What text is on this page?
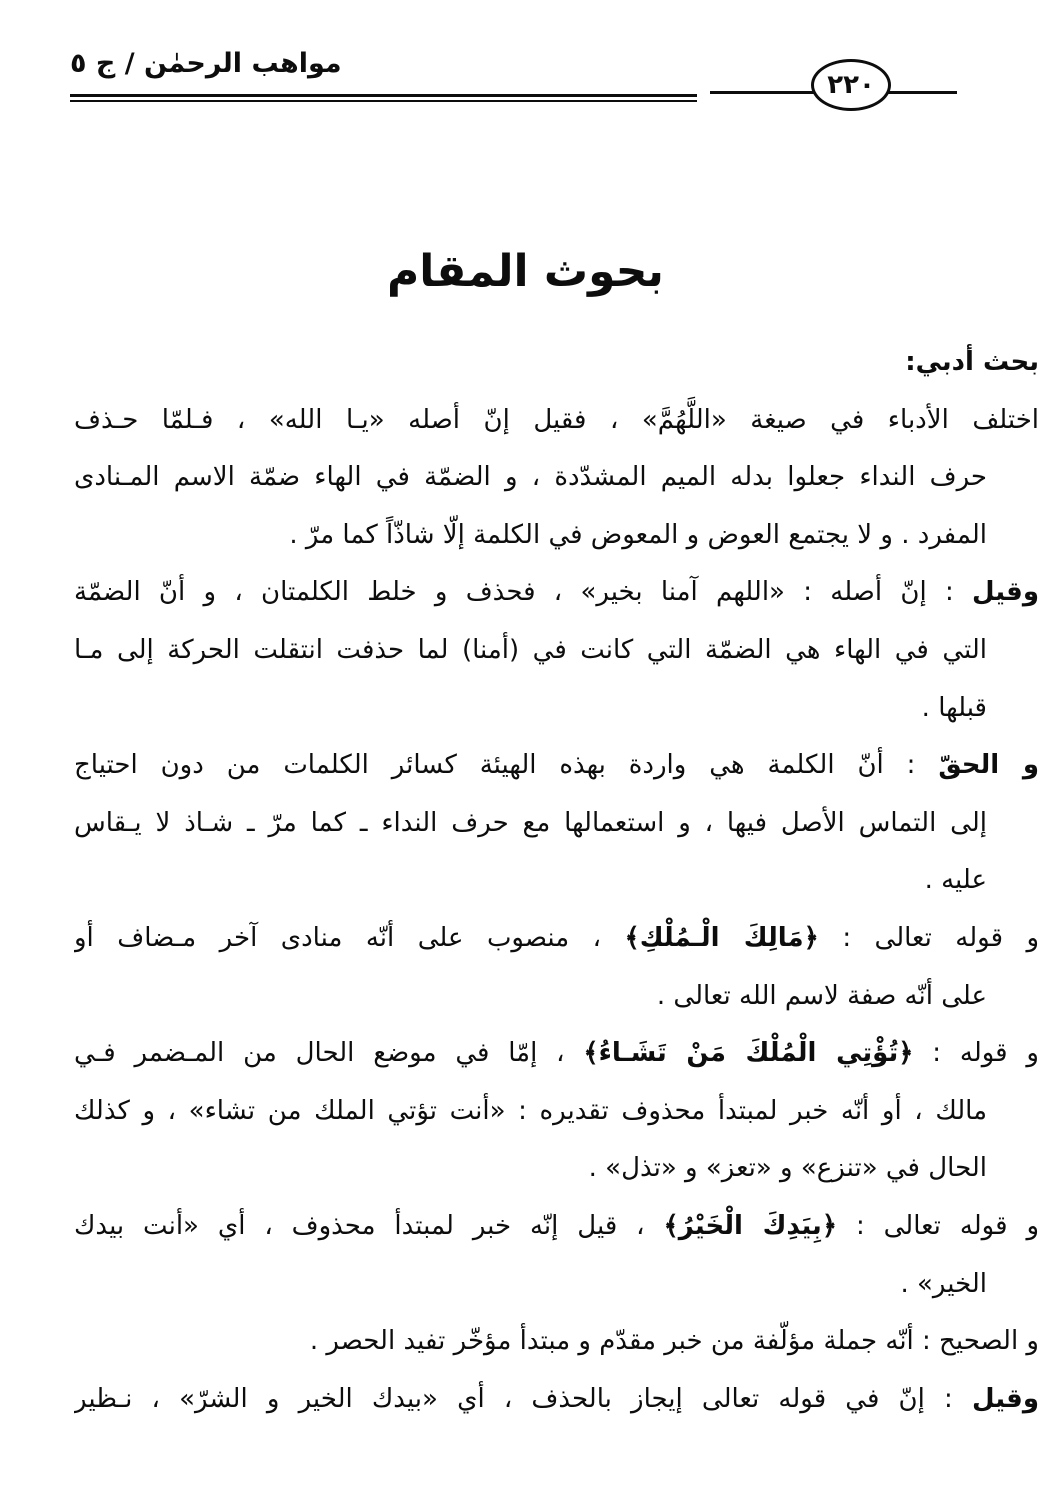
مواهب الرحمٰن / ج ٥
٢٢٠
بحوث المقام
بحث أدبي:
اختلف الأدباء في صيغة «اللَّهُمَّ» ، فقيل إنّ أصله «يـا الله» ، فـلمّا حـذف
حرف النداء جعلوا بدله الميم المشدّدة ، و الضمّة في الهاء ضمّة الاسم المـنادى
المفرد . و لا يجتمع العوض و المعوض في الكلمة إلّا شاذّاً كما مرّ .
وقيل : إنّ أصله : «اللهم آمنا بخير» ، فحذف و خلط الكلمتان ، و أنّ الضمّة
التي في الهاء هي الضمّة التي كانت في (أمنا) لما حذفت انتقلت الحركة إلى مـا
قبلها .
و الحقّ : أنّ الكلمة هي واردة بهذه الهيئة كسائر الكلمات من دون احتياج
إلى التماس الأصل فيها ، و استعمالها مع حرف النداء ـ كما مرّ ـ شـاذ لا يـقاس
عليه .
و قوله تعالى : ﴿مَالِكَ الْـمُلْكِ﴾ ، منصوب على أنّه منادى آخر مـضاف أو
على أنّه صفة لاسم الله تعالى .
و قوله : ﴿تُؤْتِي الْمُلْكَ مَنْ تَشَـاءُ﴾ ، إمّا في موضع الحال من المـضمر فـي
مالك ، أو أنّه خبر لمبتدأ محذوف تقديره : «أنت تؤتي الملك من تشاء» ، و كذلك
الحال في «تنزع» و «تعز» و «تذل» .
و قوله تعالى : ﴿بِيَدِكَ الْخَيْرُ﴾ ، قيل إنّه خبر لمبتدأ محذوف ، أي «أنت بيدك
الخير» .
و الصحيح : أنّه جملة مؤلّفة من خبر مقدّم و مبتدأ مؤخّر تفيد الحصر .
وقيل : إنّ في قوله تعالى إيجاز بالحذف ، أي «بيدك الخير و الشرّ» ، نـظير
